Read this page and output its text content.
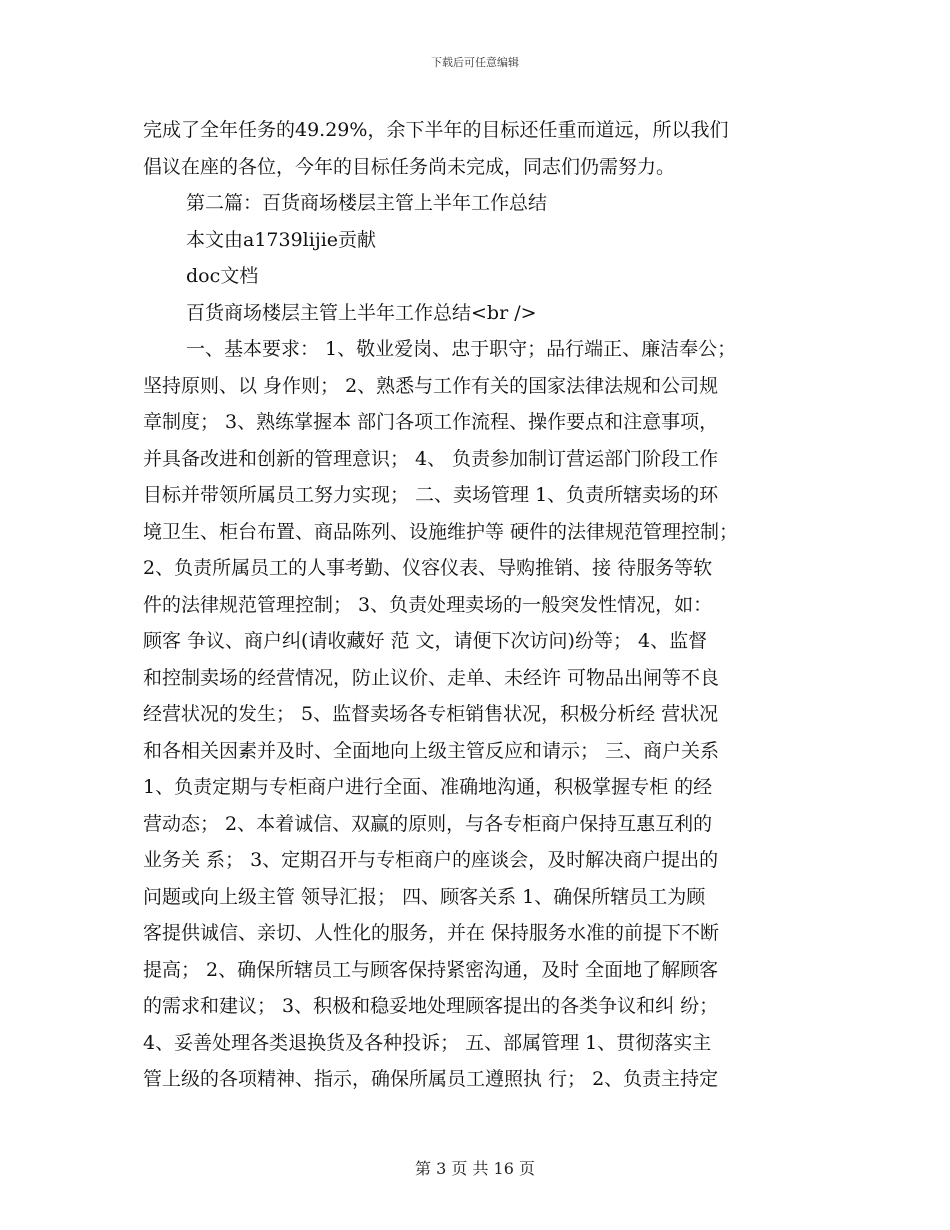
下载后可任意编辑
完成了全年任务的49.29%，余下半年的目标还任重而道远，所以我们
倡议在座的各位，今年的目标任务尚未完成，同志们仍需努力。
第二篇：百货商场楼层主管上半年工作总结
本文由a1739lijie贡献
doc文档
百货商场楼层主管上半年工作总结<br />
一、基本要求： 1、敬业爱岗、忠于职守；品行端正、廉洁奉公；
坚持原则、以 身作则； 2、熟悉与工作有关的国家法律法规和公司规
章制度； 3、熟练掌握本 部门各项工作流程、操作要点和注意事项，
并具备改进和创新的管理意识； 4、 负责参加制订营运部门阶段工作
目标并带领所属员工努力实现； 二、卖场管理 1、负责所辖卖场的环
境卫生、柜台布置、商品陈列、设施维护等 硬件的法律规范管理控制；
2、负责所属员工的人事考勤、仪容仪表、导购推销、接 待服务等软
件的法律规范管理控制； 3、负责处理卖场的一般突发性情况，如：
顾客 争议、商户纠(请收藏好 范 文，请便下次访问)纷等； 4、监督
和控制卖场的经营情况，防止议价、走单、未经许 可物品出闸等不良
经营状况的发生； 5、监督卖场各专柜销售状况，积极分析经 营状况
和各相关因素并及时、全面地向上级主管反应和请示； 三、商户关系
1、负责定期与专柜商户进行全面、准确地沟通，积极掌握专柜 的经
营动态； 2、本着诚信、双赢的原则，与各专柜商户保持互惠互利的
业务关 系； 3、定期召开与专柜商户的座谈会，及时解决商户提出的
问题或向上级主管 领导汇报； 四、顾客关系 1、确保所辖员工为顾
客提供诚信、亲切、人性化的服务，并在 保持服务水准的前提下不断
提高； 2、确保所辖员工与顾客保持紧密沟通，及时 全面地了解顾客
的需求和建议； 3、积极和稳妥地处理顾客提出的各类争议和纠 纷；
4、妥善处理各类退换货及各种投诉； 五、部属管理 1、贯彻落实主
管上级的各项精神、指示，确保所属员工遵照执 行； 2、负责主持定
第 3 页 共 16 页
